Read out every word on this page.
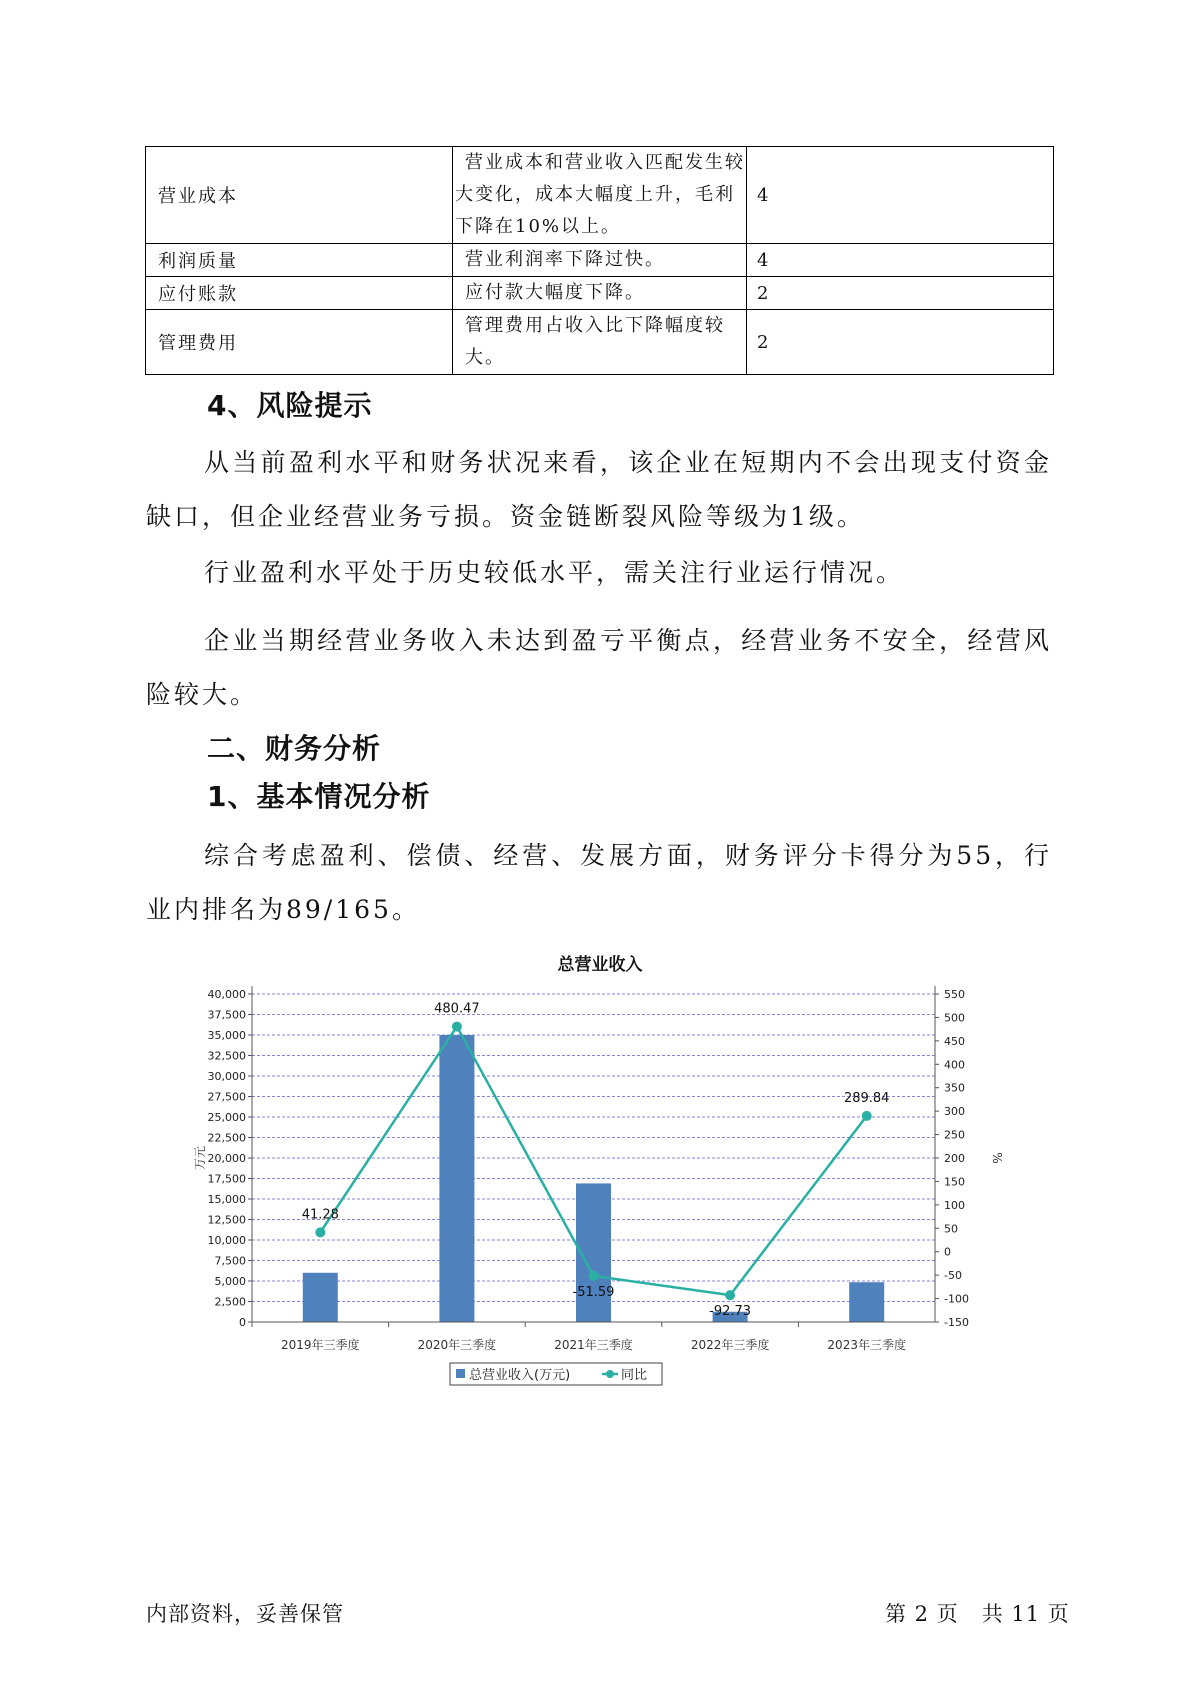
营业成本	营业成本和营业收入匹配发生较大变化，成本大幅度上升，毛利下降在10%以上。	4
利润质量	营业利润率下降过快。	4
应付账款	应付款大幅度下降。	2
管理费用	管理费用占收入比下降幅度较大。	2
4、风险提示

从当前盈利水平和财务状况来看，该企业在短期内不会出现支付资金缺口，但企业经营业务亏损。资金链断裂风险等级为1级。

行业盈利水平处于历史较低水平，需关注行业运行情况。

企业当期经营业务收入未达到盈亏平衡点，经营业务不安全，经营风险较大。

二、财务分析
1、基本情况分析

综合考虑盈利、偿债、经营、发展方面，财务评分卡得分为55，行业内排名为89/165。

总营业收入
0
2,500
5,000
7,500
10,000
12,500
15,000
17,500
20,000
22,500
25,000
27,500
30,000
32,500
35,000
37,500
40,000
-150
-100
-50
0
50
100
150
200
250
300
350
400
450
500
550
2019年三季度	2020年三季度	2021年三季度	2022年三季度	2023年三季度
41.28
480.47
-51.59
-92.73
289.84
万元	%
总营业收入(万元)	同比
内部资料，妥善保管	第 2 页   共 11 页
